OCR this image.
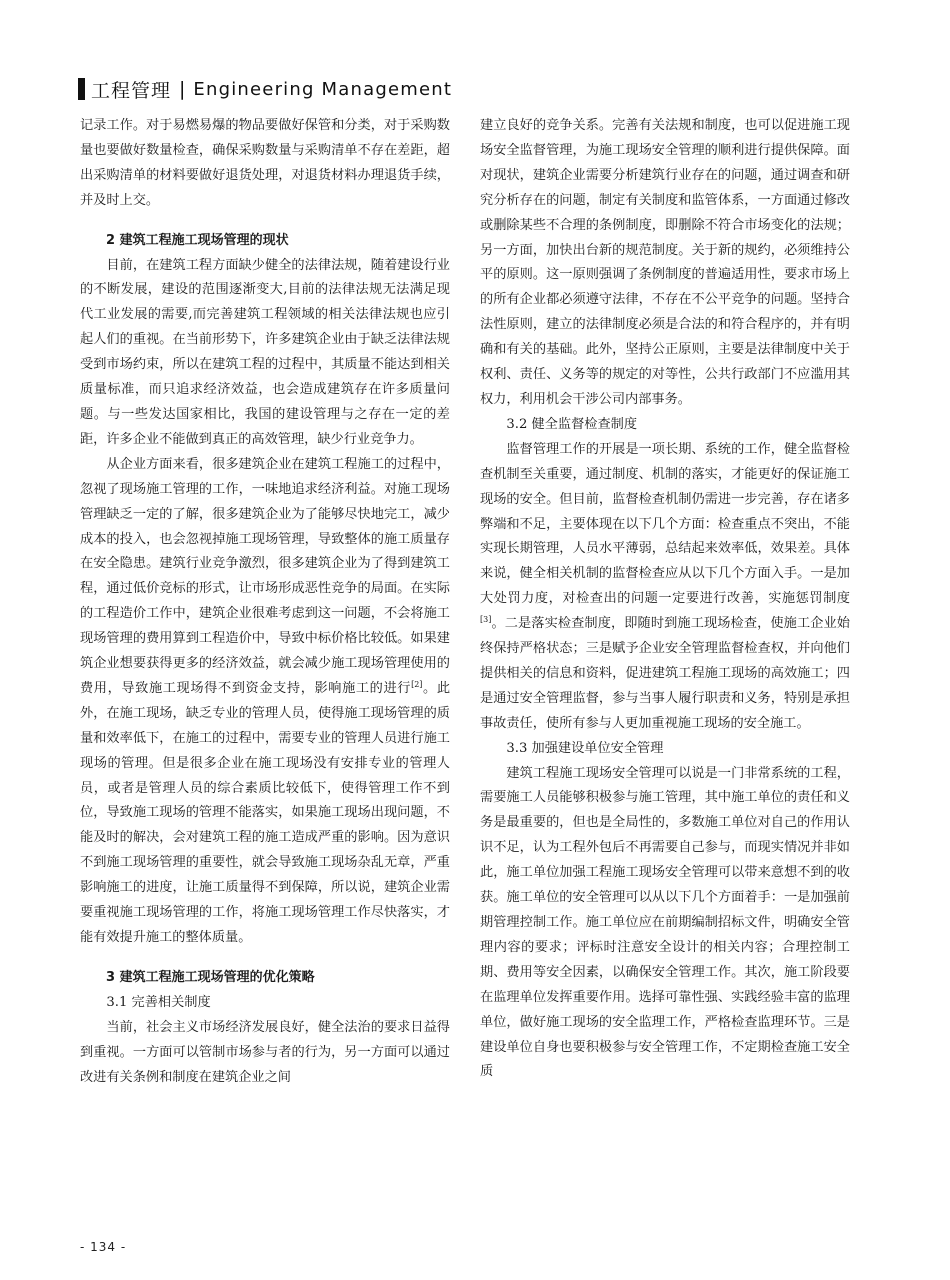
工程管理 | Engineering Management

记录工作。对于易燃易爆的物品要做好保管和分类，对于采购数量也要做好数量检查，确保采购数量与采购清单不存在差距，超出采购清单的材料要做好退货处理，对退货材料办理退货手续，并及时上交。

2 建筑工程施工现场管理的现状

目前，在建筑工程方面缺少健全的法律法规，随着建设行业的不断发展，建设的范围逐渐变大,目前的法律法规无法满足现代工业发展的需要,而完善建筑工程领域的相关法律法规也应引起人们的重视。在当前形势下，许多建筑企业由于缺乏法律法规受到市场约束，所以在建筑工程的过程中，其质量不能达到相关质量标准，而只追求经济效益，也会造成建筑存在许多质量问题。与一些发达国家相比，我国的建设管理与之存在一定的差距，许多企业不能做到真正的高效管理，缺少行业竞争力。

从企业方面来看，很多建筑企业在建筑工程施工的过程中，忽视了现场施工管理的工作，一味地追求经济利益。对施工现场管理缺乏一定的了解，很多建筑企业为了能够尽快地完工，减少成本的投入，也会忽视掉施工现场管理，导致整体的施工质量存在安全隐患。建筑行业竞争激烈，很多建筑企业为了得到建筑工程，通过低价竞标的形式，让市场形成恶性竞争的局面。在实际的工程造价工作中，建筑企业很难考虑到这一问题，不会将施工现场管理的费用算到工程造价中，导致中标价格比较低。如果建筑企业想要获得更多的经济效益，就会减少施工现场管理使用的费用，导致施工现场得不到资金支持，影响施工的进行[2]。此外，在施工现场，缺乏专业的管理人员，使得施工现场管理的质量和效率低下，在施工的过程中，需要专业的管理人员进行施工现场的管理。但是很多企业在施工现场没有安排专业的管理人员，或者是管理人员的综合素质比较低下，使得管理工作不到位，导致施工现场的管理不能落实，如果施工现场出现问题，不能及时的解决，会对建筑工程的施工造成严重的影响。因为意识不到施工现场管理的重要性，就会导致施工现场杂乱无章，严重影响施工的进度，让施工质量得不到保障，所以说，建筑企业需要重视施工现场管理的工作，将施工现场管理工作尽快落实，才能有效提升施工的整体质量。

3 建筑工程施工现场管理的优化策略
3.1 完善相关制度

当前，社会主义市场经济发展良好，健全法治的要求日益得到重视。一方面可以管制市场参与者的行为，另一方面可以通过改进有关条例和制度在建筑企业之间

建立良好的竞争关系。完善有关法规和制度，也可以促进施工现场安全监督管理，为施工现场安全管理的顺利进行提供保障。面对现状，建筑企业需要分析建筑行业存在的问题，通过调查和研究分析存在的问题，制定有关制度和监管体系，一方面通过修改或删除某些不合理的条例制度，即删除不符合市场变化的法规；另一方面，加快出台新的规范制度。关于新的规约，必须维持公平的原则。这一原则强调了条例制度的普遍适用性，要求市场上的所有企业都必须遵守法律，不存在不公平竞争的问题。坚持合法性原则，建立的法律制度必须是合法的和符合程序的，并有明确和有关的基础。此外，坚持公正原则，主要是法律制度中关于权利、责任、义务等的规定的对等性，公共行政部门不应滥用其权力，利用机会干涉公司内部事务。

3.2 健全监督检查制度

监督管理工作的开展是一项长期、系统的工作，健全监督检查机制至关重要，通过制度、机制的落实，才能更好的保证施工现场的安全。但目前，监督检查机制仍需进一步完善，存在诸多弊端和不足，主要体现在以下几个方面：检查重点不突出，不能实现长期管理，人员水平薄弱，总结起来效率低，效果差。具体来说，健全相关机制的监督检查应从以下几个方面入手。一是加大处罚力度，对检查出的问题一定要进行改善，实施惩罚制度[3]。二是落实检查制度，即随时到施工现场检查，使施工企业始终保持严格状态；三是赋予企业安全管理监督检查权，并向他们提供相关的信息和资料，促进建筑工程施工现场的高效施工；四是通过安全管理监督，参与当事人履行职责和义务，特别是承担事故责任，使所有参与人更加重视施工现场的安全施工。

3.3 加强建设单位安全管理

建筑工程施工现场安全管理可以说是一门非常系统的工程，需要施工人员能够积极参与施工管理，其中施工单位的责任和义务是最重要的，但也是全局性的，多数施工单位对自己的作用认识不足，认为工程外包后不再需要自己参与，而现实情况并非如此，施工单位加强工程施工现场安全管理可以带来意想不到的收获。施工单位的安全管理可以从以下几个方面着手：一是加强前期管理控制工作。施工单位应在前期编制招标文件，明确安全管理内容的要求；评标时注意安全设计的相关内容；合理控制工期、费用等安全因素，以确保安全管理工作。其次，施工阶段要在监理单位发挥重要作用。选择可靠性强、实践经验丰富的监理单位，做好施工现场的安全监理工作，严格检查监理环节。三是建设单位自身也要积极参与安全管理工作，不定期检查施工安全质

- 134 -
